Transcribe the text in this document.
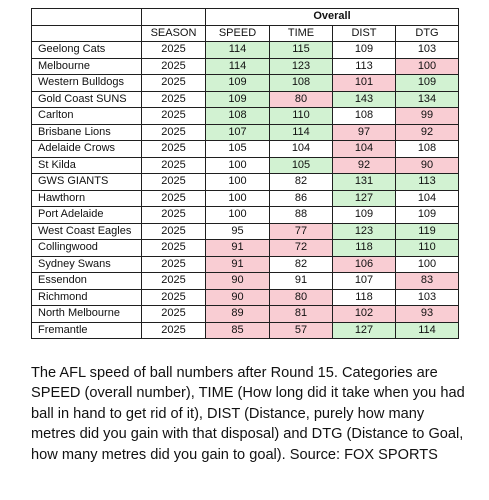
		Overall			
	SEASON	SPEED	TIME	DIST	DTG
Geelong Cats	2025	114	115	109	103
Melbourne	2025	114	123	113	100
Western Bulldogs	2025	109	108	101	109
Gold Coast SUNS	2025	109	80	143	134
Carlton	2025	108	110	108	99
Brisbane Lions	2025	107	114	97	92
Adelaide Crows	2025	105	104	104	108
St Kilda	2025	100	105	92	90
GWS GIANTS	2025	100	82	131	113
Hawthorn	2025	100	86	127	104
Port Adelaide	2025	100	88	109	109
West Coast Eagles	2025	95	77	123	119
Collingwood	2025	91	72	118	110
Sydney Swans	2025	91	82	106	100
Essendon	2025	90	91	107	83
Richmond	2025	90	80	118	103
North Melbourne	2025	89	81	102	93
Fremantle	2025	85	57	127	114

The AFL speed of ball numbers after Round 15. Categories are SPEED (overall number), TIME (How long did it take when you had ball in hand to get rid of it), DIST (Distance, purely how many metres did you gain with that disposal) and DTG (Distance to Goal, how many metres did you gain to goal). Source: FOX SPORTS
